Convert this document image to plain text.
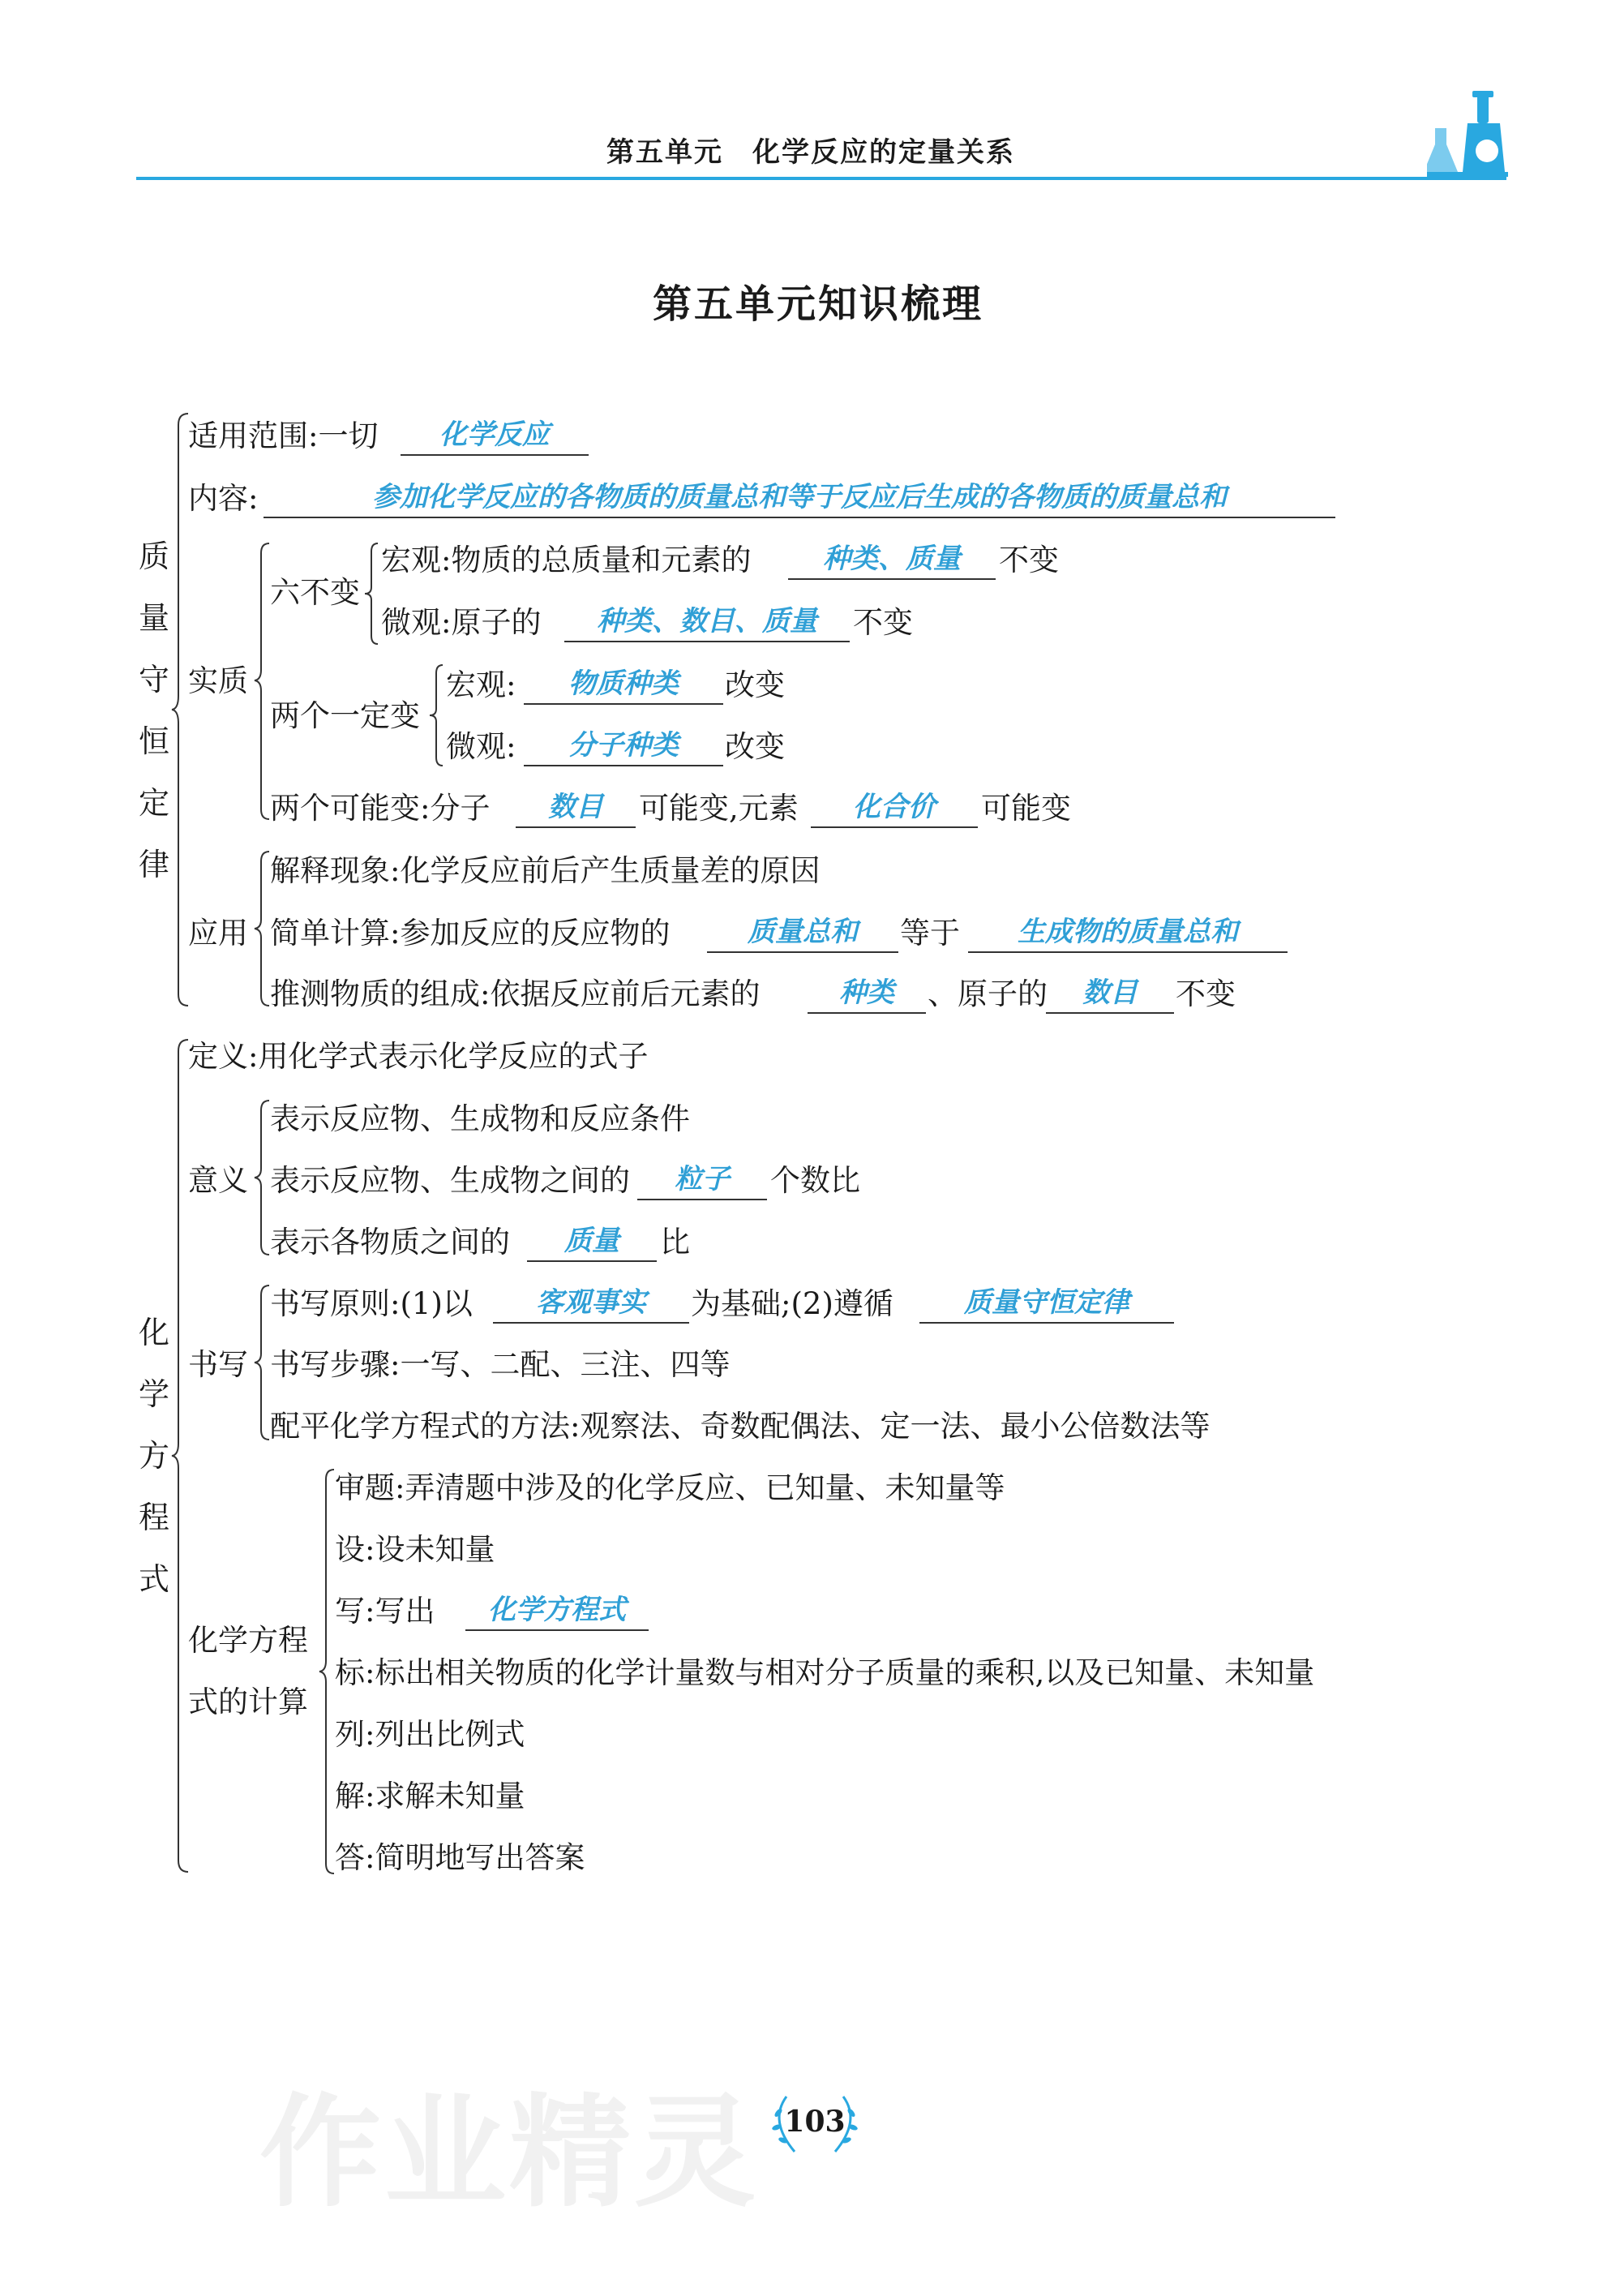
第五单元　化学反应的定量关系
第五单元知识梳理
质
量
守
恒
定
律
适用范围:一切	化学反应
内容:	参加化学反应的各物质的质量总和等于反应后生成的各物质的质量总和
实质
六不变
宏观:物质的总质量和元素的	种类、质量	不变
微观:原子的	种类、数目、质量	不变
两个一定变
宏观:	物质种类	改变
微观:	分子种类	改变
两个可能变:分子	数目	可能变,元素	化合价	可能变
应用
解释现象:化学反应前后产生质量差的原因
简单计算:参加反应的反应物的	质量总和	等于	生成物的质量总和
推测物质的组成:依据反应前后元素的	种类	、原子的	数目	不变
化
学
方
程
式
定义:用化学式表示化学反应的式子
意义
表示反应物、生成物和反应条件
表示反应物、生成物之间的	粒子	个数比
表示各物质之间的	质量	比
书写
书写原则:(1)以	客观事实	为基础;(2)遵循	质量守恒定律
书写步骤:一写、二配、三注、四等
配平化学方程式的方法:观察法、奇数配偶法、定一法、最小公倍数法等
化学方程
式的计算
审题:弄清题中涉及的化学反应、已知量、未知量等
设:设未知量
写:写出	化学方程式
标:标出相关物质的化学计量数与相对分子质量的乘积,以及已知量、未知量
列:列出比例式
解:求解未知量
答:简明地写出答案
作业精灵 103
